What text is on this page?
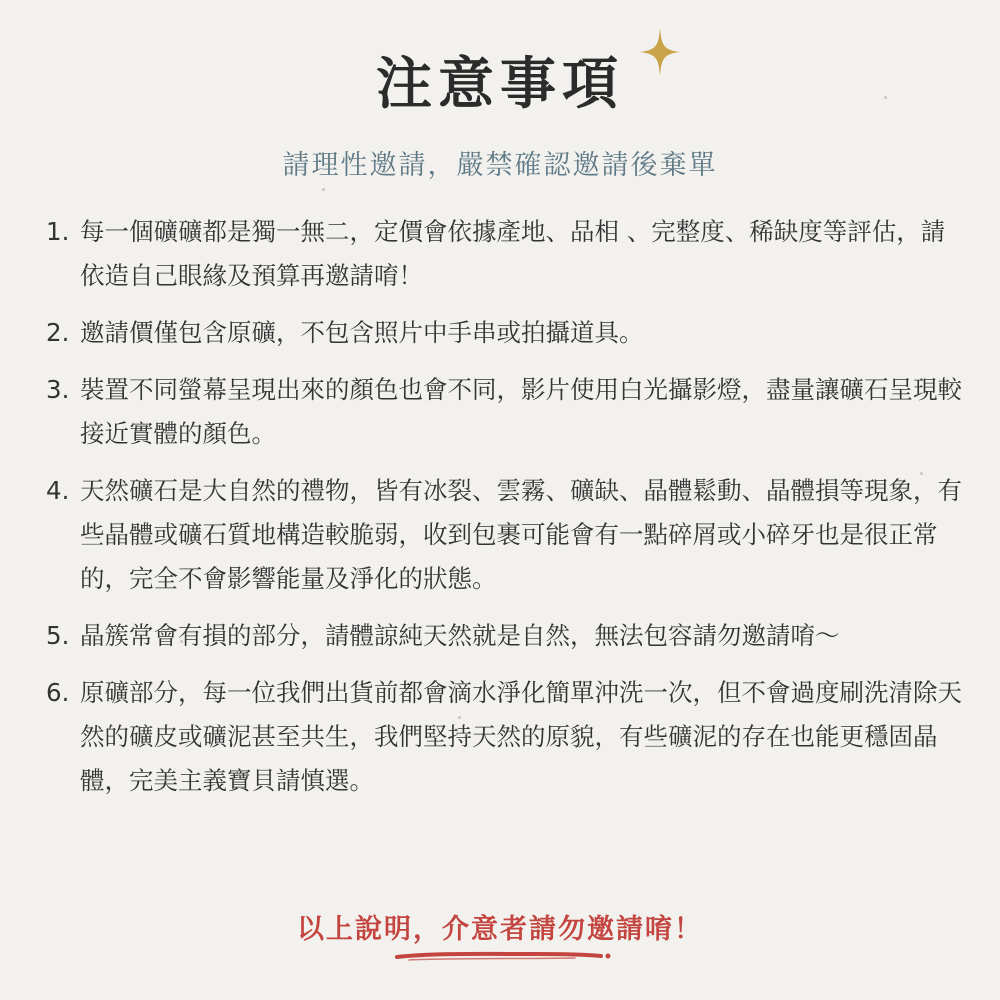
注意事項
請理性邀請，嚴禁確認邀請後棄單
1. 每一個礦礦都是獨一無二，定價會依據產地、品相 、完整度、稀缺度等評估，請依造自己眼緣及預算再邀請唷！
2. 邀請價僅包含原礦，不包含照片中手串或拍攝道具。
3. 裝置不同螢幕呈現出來的顏色也會不同，影片使用白光攝影燈，盡量讓礦石呈現較接近實體的顏色。
4. 天然礦石是大自然的禮物，皆有冰裂、雲霧、礦缺、晶體鬆動、晶體損等現象，有些晶體或礦石質地構造較脆弱，收到包裹可能會有一點碎屑或小碎牙也是很正常的，完全不會影響能量及淨化的狀態。
5. 晶簇常會有損的部分，請體諒純天然就是自然，無法包容請勿邀請唷～
6. 原礦部分，每一位我們出貨前都會滴水淨化簡單沖洗一次，但不會過度刷洗清除天然的礦皮或礦泥甚至共生，我們堅持天然的原貌，有些礦泥的存在也能更穩固晶體，完美主義寶貝請慎選。
以上說明，介意者請勿邀請唷！
